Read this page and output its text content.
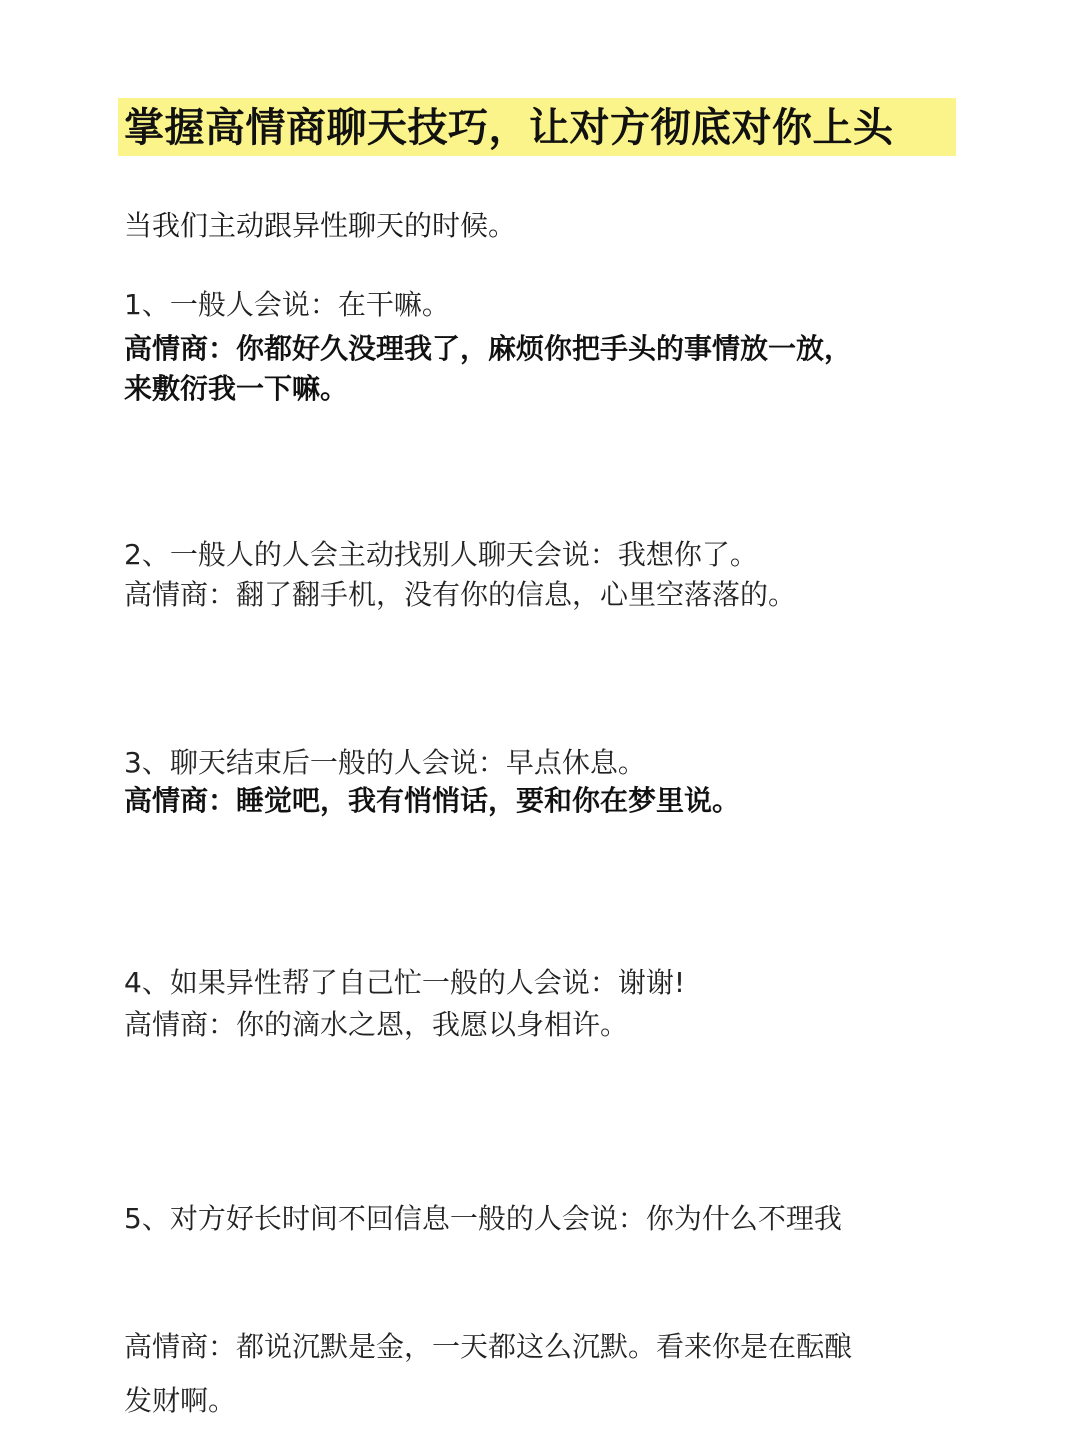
掌握高情商聊天技巧，让对方彻底对你上头
当我们主动跟异性聊天的时候。
1、一般人会说：在干嘛。
高情商：你都好久没理我了，麻烦你把手头的事情放一放，
来敷衍我一下嘛。
2、一般人的人会主动找别人聊天会说：我想你了。
高情商：翻了翻手机，没有你的信息，心里空落落的。
3、聊天结束后一般的人会说：早点休息。
高情商：睡觉吧，我有悄悄话，要和你在梦里说。
4、如果异性帮了自己忙一般的人会说：谢谢!
高情商：你的滴水之恩，我愿以身相许。
5、对方好长时间不回信息一般的人会说：你为什么不理我
高情商：都说沉默是金，一天都这么沉默。看来你是在酝酿
发财啊。
